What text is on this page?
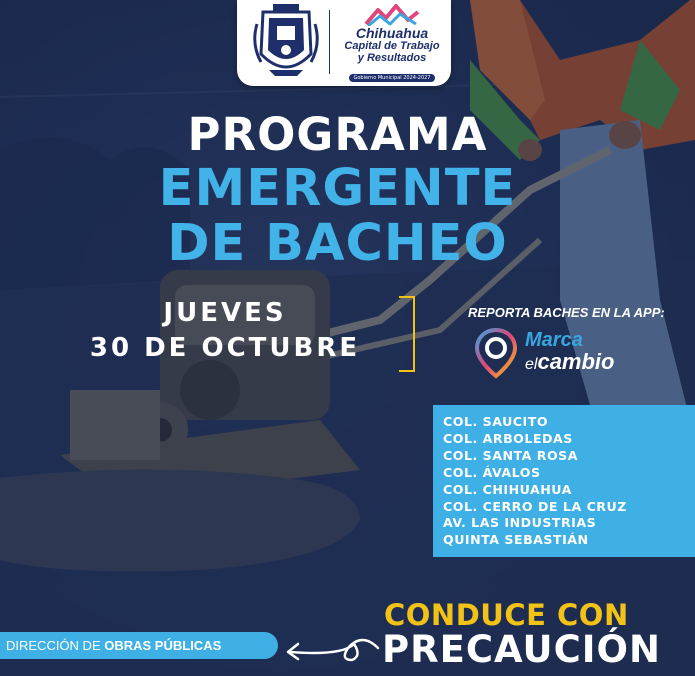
Chihuahua
Capital de Trabajo
y Resultados
Gobierno Municipal 2024-2027
PROGRAMA
EMERGENTE
DE BACHEO
JUEVES
30 DE OCTUBRE
REPORTA BACHES EN LA APP:
Marca
elcambio
COL. SAUCITO
COL. ARBOLEDAS
COL. SANTA ROSA
COL. ÁVALOS
COL. CHIHUAHUA
COL. CERRO DE LA CRUZ
AV. LAS INDUSTRIAS
QUINTA SEBASTIÁN
DIRECCIÓN DE OBRAS PÚBLICAS
CONDUCE CON
PRECAUCIÓN
